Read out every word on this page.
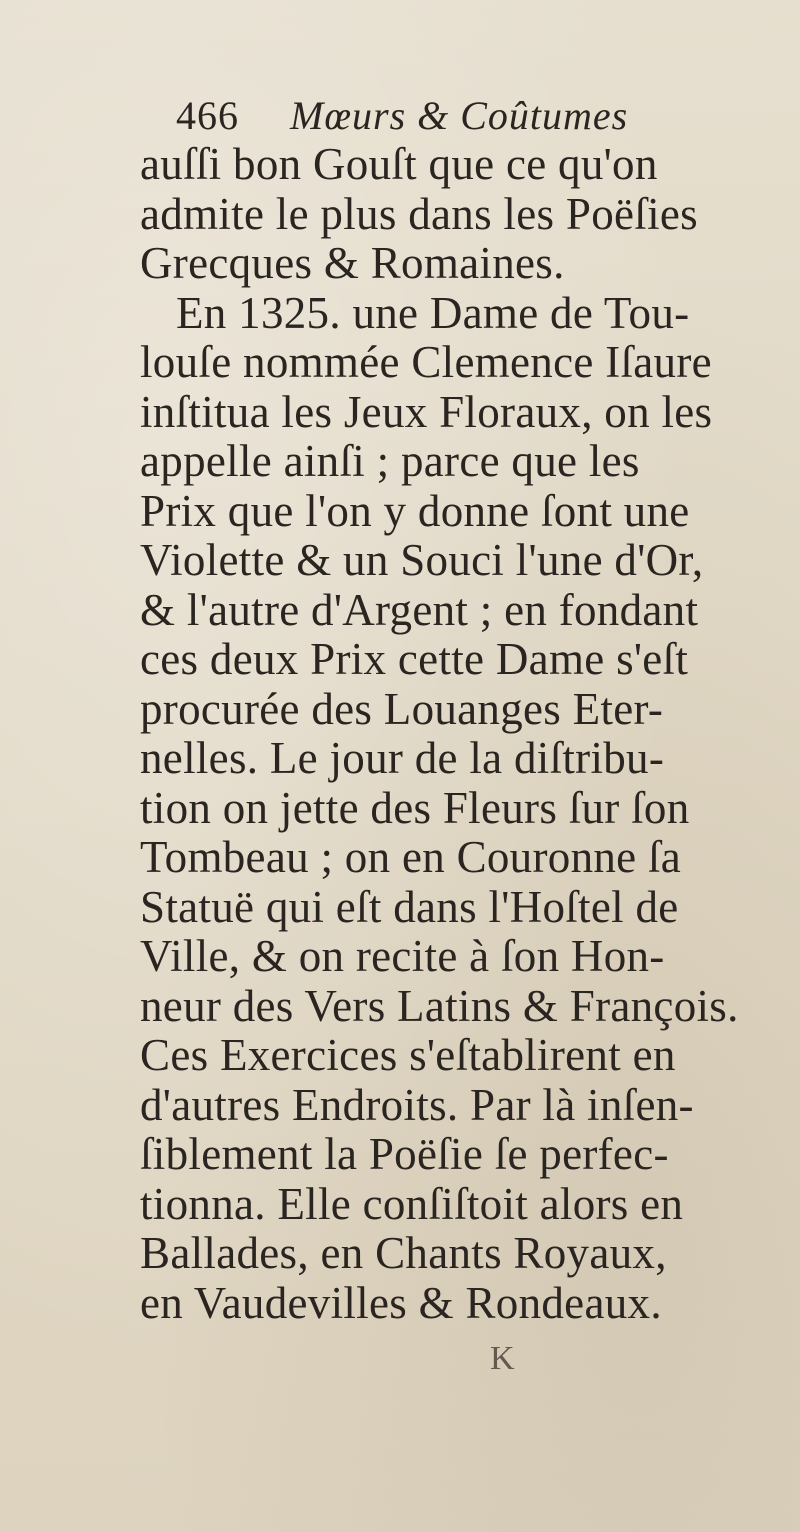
466 Mœurs & Coûtumes
auſſi bon Gouſt que ce qu'on
admite le plus dans les Poëſies
Grecques & Romaines.
En 1325. une Dame de Tou-
louſe nommée Clemence Iſaure
inſtitua les Jeux Floraux, on les
appelle ainſi ; parce que les
Prix que l'on y donne ſont une
Violette & un Souci l'une d'Or,
& l'autre d'Argent ; en fondant
ces deux Prix cette Dame s'eſt
procurée des Louanges Eter-
nelles. Le jour de la diſtribu-
tion on jette des Fleurs ſur ſon
Tombeau ; on en Couronne ſa
Statuë qui eſt dans l'Hoſtel de
Ville, & on recite à ſon Hon-
neur des Vers Latins & François.
Ces Exercices s'eſtablirent en
d'autres Endroits. Par là inſen-
ſiblement la Poëſie ſe perfec-
tionna. Elle conſiſtoit alors en
Ballades, en Chants Royaux,
en Vaudevilles & Rondeaux.
K
